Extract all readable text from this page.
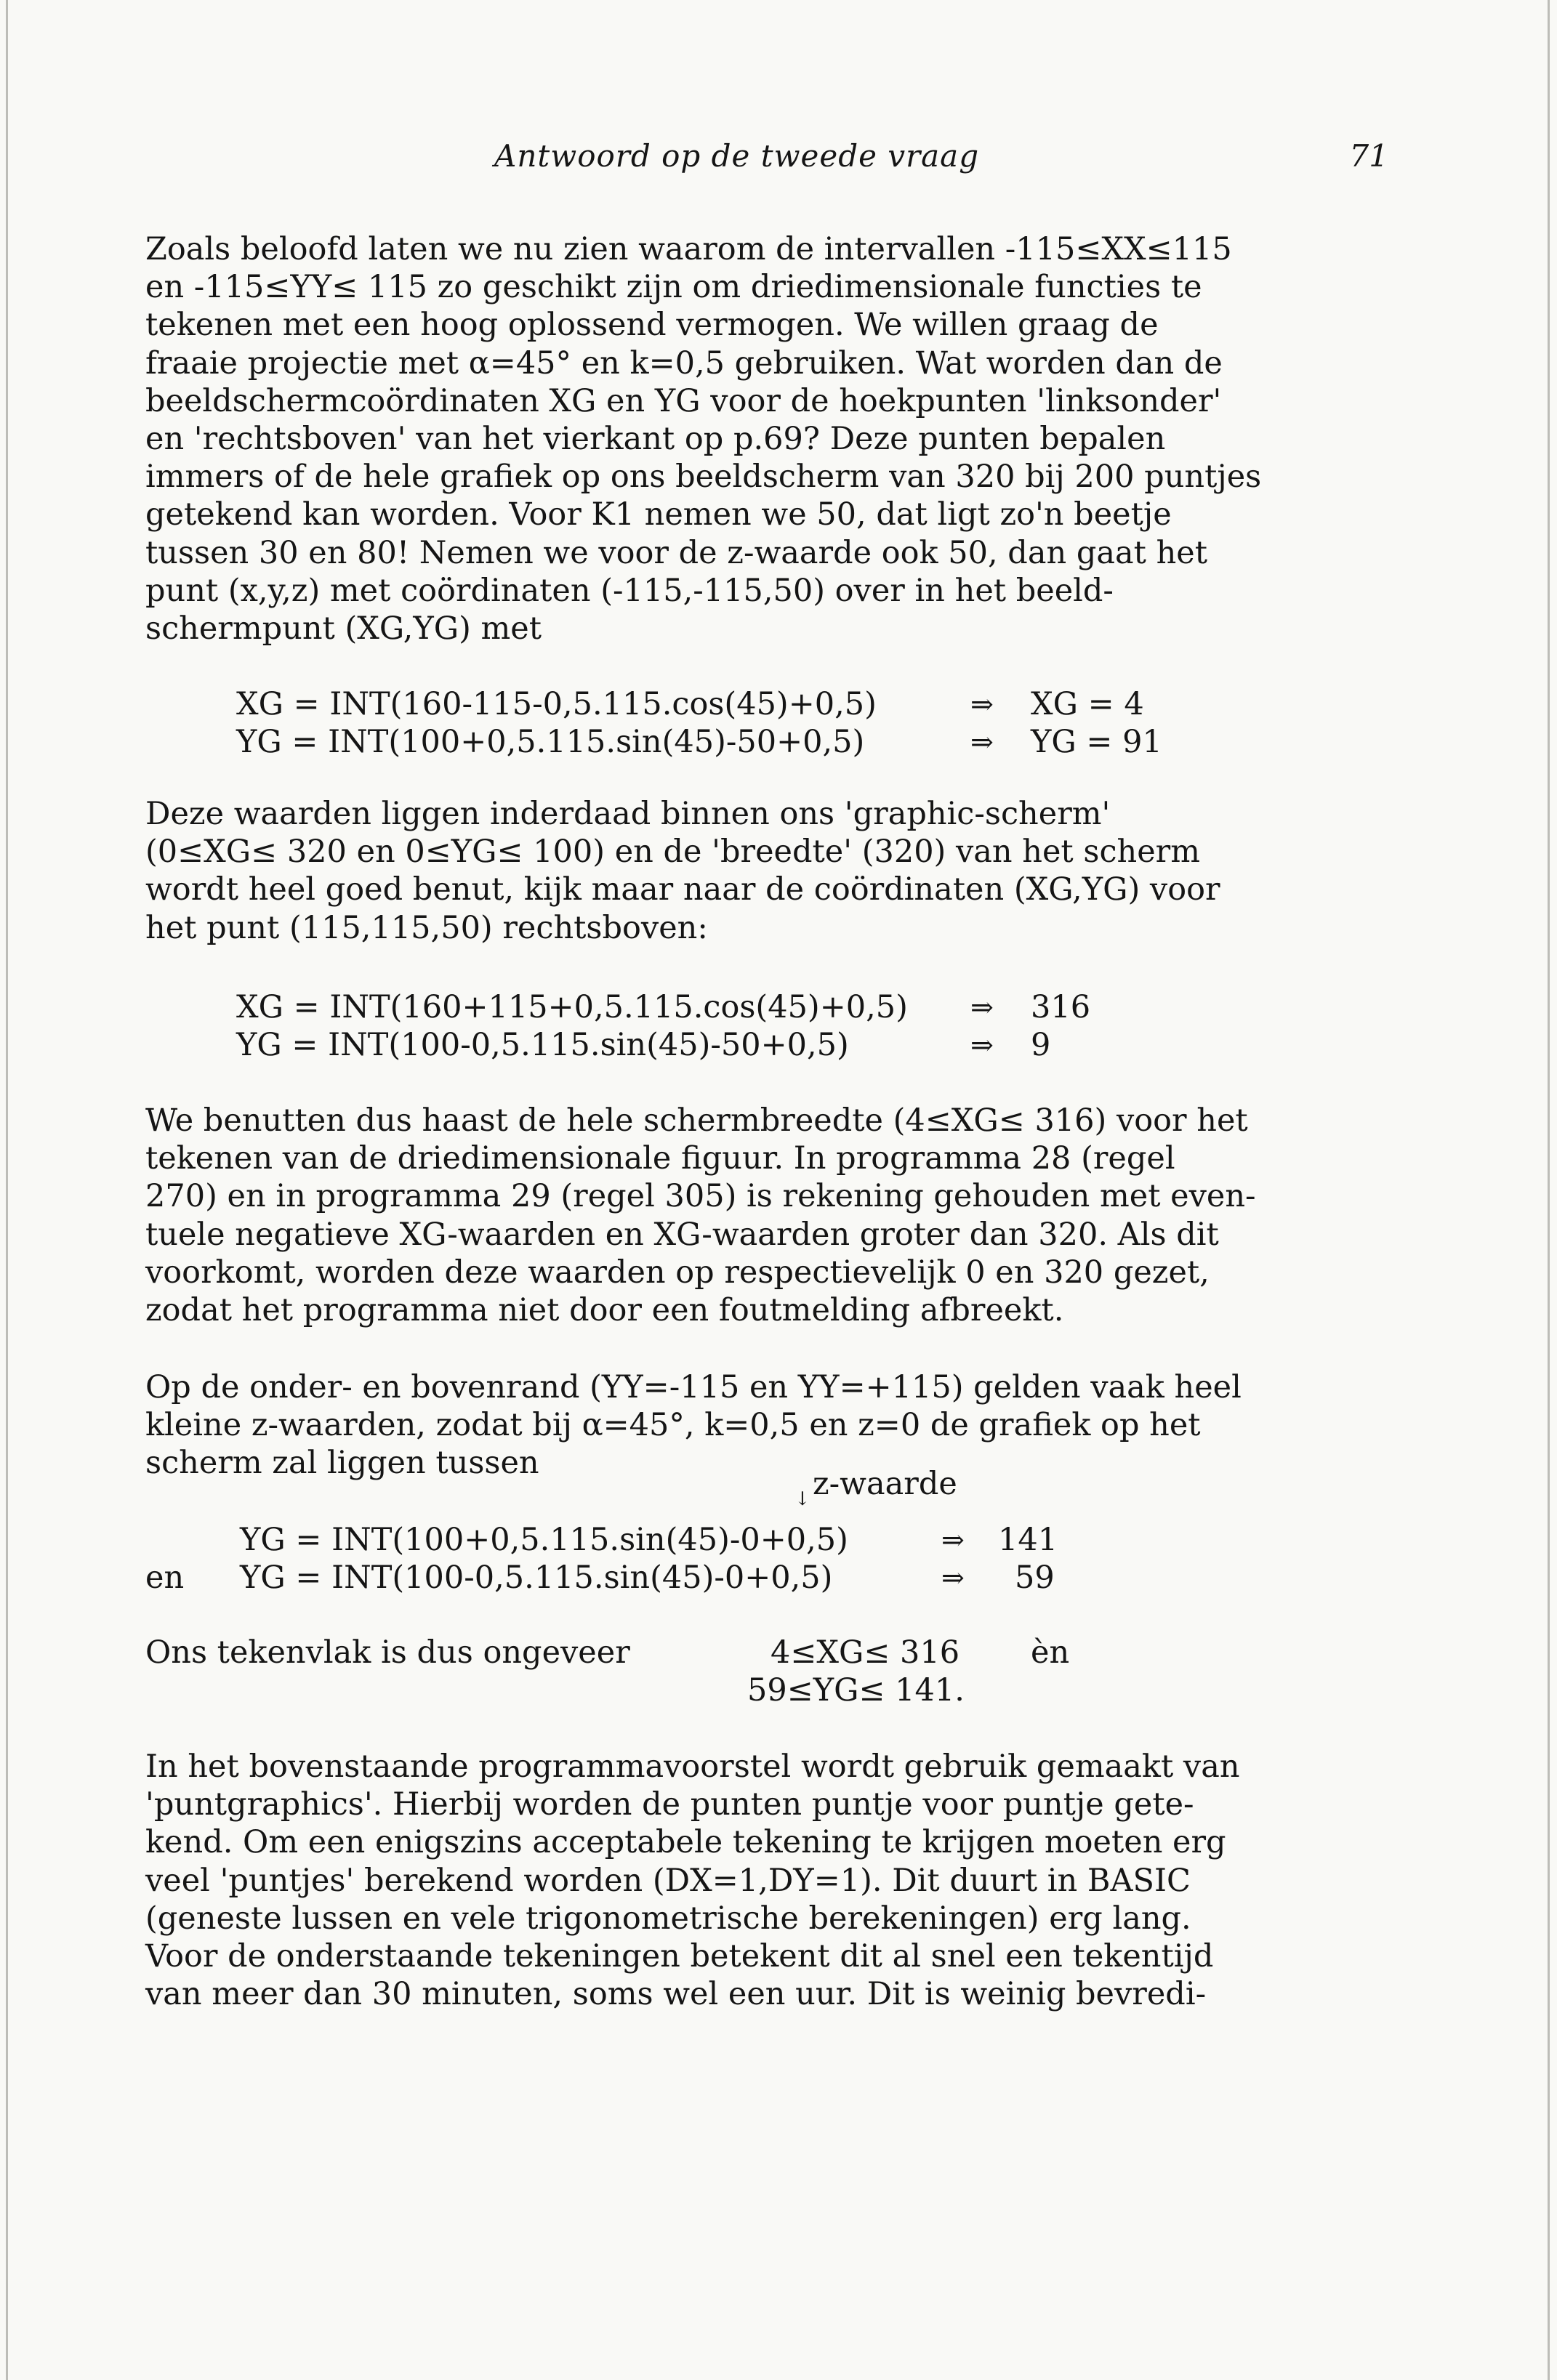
Antwoord op de tweede vraag	71

Zoals beloofd laten we nu zien waarom de intervallen -115≤XX≤115
en -115≤YY≤ 115 zo geschikt zijn om driedimensionale functies te
tekenen met een hoog oplossend vermogen. We willen graag de
fraaie projectie met α=45° en k=0,5 gebruiken. Wat worden dan de
beeldschermcoördinaten XG en YG voor de hoekpunten 'linksonder'
en 'rechtsboven' van het vierkant op p.69? Deze punten bepalen
immers of de hele grafiek op ons beeldscherm van 320 bij 200 puntjes
getekend kan worden. Voor K1 nemen we 50, dat ligt zo'n beetje
tussen 30 en 80! Nemen we voor de z-waarde ook 50, dan gaat het
punt (x,y,z) met coördinaten (-115,-115,50) over in het beeld-
schermpunt (XG,YG) met

XG = INT(160-115-0,5.115.cos(45)+0,5)	⇒ XG = 4
YG = INT(100+0,5.115.sin(45)-50+0,5)	⇒ YG = 91

Deze waarden liggen inderdaad binnen ons 'graphic-scherm'
(0≤XG≤ 320 en 0≤YG≤ 100) en de 'breedte' (320) van het scherm
wordt heel goed benut, kijk maar naar de coördinaten (XG,YG) voor
het punt (115,115,50) rechtsboven:

XG = INT(160+115+0,5.115.cos(45)+0,5) ⇒ 316
YG = INT(100-0,5.115.sin(45)-50+0,5)	⇒ 9

We benutten dus haast de hele schermbreedte (4≤XG≤ 316) voor het
tekenen van de driedimensionale figuur. In programma 28 (regel
270) en in programma 29 (regel 305) is rekening gehouden met even-
tuele negatieve XG-waarden en XG-waarden groter dan 320. Als dit
voorkomt, worden deze waarden op respectievelijk 0 en 320 gezet,
zodat het programma niet door een foutmelding afbreekt.

Op de onder- en bovenrand (YY=-115 en YY=+115) gelden vaak heel
kleine z-waarden, zodat bij α=45°, k=0,5 en z=0 de grafiek op het
scherm zal liggen tussen

z-waarde
↓
YG = INT(100+0,5.115.sin(45)-0+0,5)	⇒ 141
en YG = INT(100-0,5.115.sin(45)-0+0,5)	⇒ 59
Ons tekenvlak is dus ongeveer	4≤XG≤ 316 èn
59≤YG≤ 141.

In het bovenstaande programmavoorstel wordt gebruik gemaakt van
'puntgraphics'. Hierbij worden de punten puntje voor puntje gete-
kend. Om een enigszins acceptabele tekening te krijgen moeten erg
veel 'puntjes' berekend worden (DX=1,DY=1). Dit duurt in BASIC
(geneste lussen en vele trigonometrische berekeningen) erg lang.
Voor de onderstaande tekeningen betekent dit al snel een tekentijd
van meer dan 30 minuten, soms wel een uur. Dit is weinig bevredi-
